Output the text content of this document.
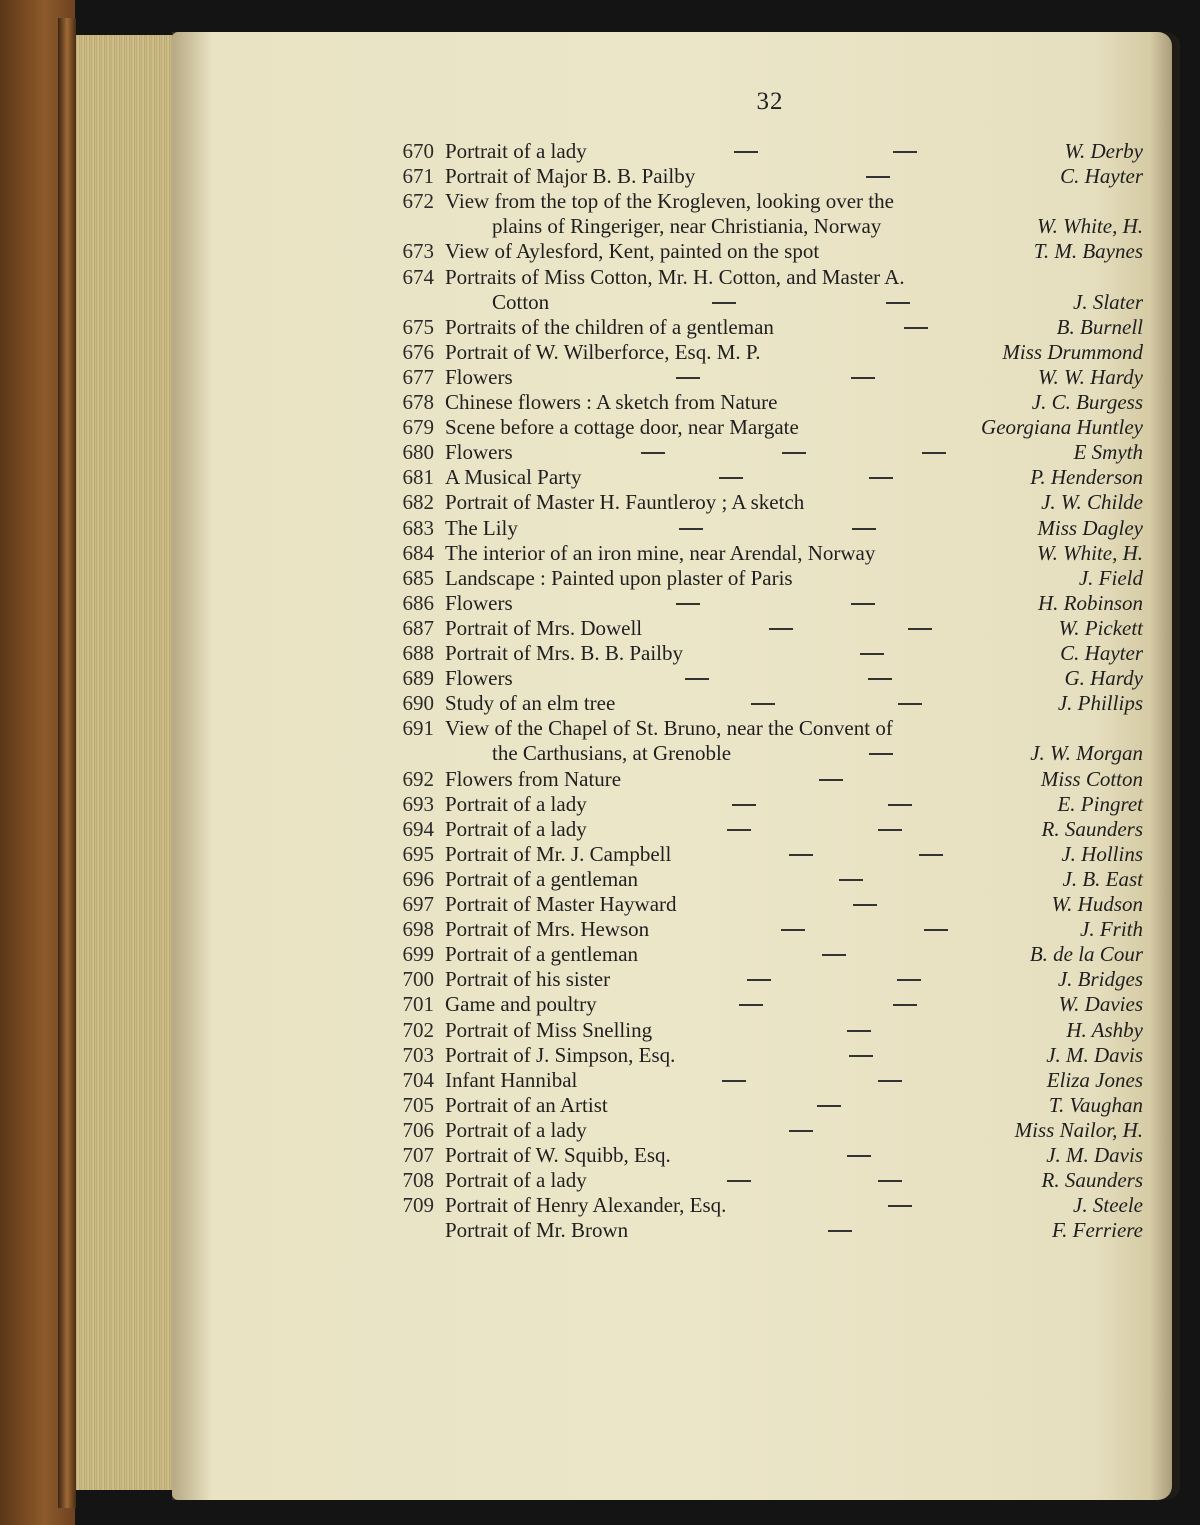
32
670 Portrait of a lady	W. Derby
671 Portrait of Major B. B. Pailby	C. Hayter
672 View from the top of the Krogleven, looking over the
plains of Ringeriger, near Christiania, Norway	W. White, H.
673 View of Aylesford, Kent, painted on the spot	T. M. Baynes
674 Portraits of Miss Cotton, Mr. H. Cotton, and Master A.
Cotton	J. Slater
675 Portraits of the children of a gentleman	B. Burnell
676 Portrait of W. Wilberforce, Esq. M. P.	Miss Drummond
677 Flowers	W. W. Hardy
678 Chinese flowers : A sketch from Nature	J. C. Burgess
679 Scene before a cottage door, near Margate	Georgiana Huntley
680 Flowers	E Smyth
681 A Musical Party	P. Henderson
682 Portrait of Master H. Fauntleroy ; A sketch	J. W. Childe
683 The Lily	Miss Dagley
684 The interior of an iron mine, near Arendal, Norway	W. White, H.
685 Landscape : Painted upon plaster of Paris	J. Field
686 Flowers	H. Robinson
687 Portrait of Mrs. Dowell	W. Pickett
688 Portrait of Mrs. B. B. Pailby	C. Hayter
689 Flowers	G. Hardy
690 Study of an elm tree	J. Phillips
691 View of the Chapel of St. Bruno, near the Convent of
the Carthusians, at Grenoble	J. W. Morgan
692 Flowers from Nature	Miss Cotton
693 Portrait of a lady	E. Pingret
694 Portrait of a lady	R. Saunders
695 Portrait of Mr. J. Campbell	J. Hollins
696 Portrait of a gentleman	J. B. East
697 Portrait of Master Hayward	W. Hudson
698 Portrait of Mrs. Hewson	J. Frith
699 Portrait of a gentleman	B. de la Cour
700 Portrait of his sister	J. Bridges
701 Game and poultry	W. Davies
702 Portrait of Miss Snelling	H. Ashby
703 Portrait of J. Simpson, Esq.	J. M. Davis
704 Infant Hannibal	Eliza Jones
705 Portrait of an Artist	T. Vaughan
706 Portrait of a lady	Miss Nailor, H.
707 Portrait of W. Squibb, Esq.	J. M. Davis
708 Portrait of a lady	R. Saunders
709 Portrait of Henry Alexander, Esq.	J. Steele
Portrait of Mr. Brown	F. Ferriere
